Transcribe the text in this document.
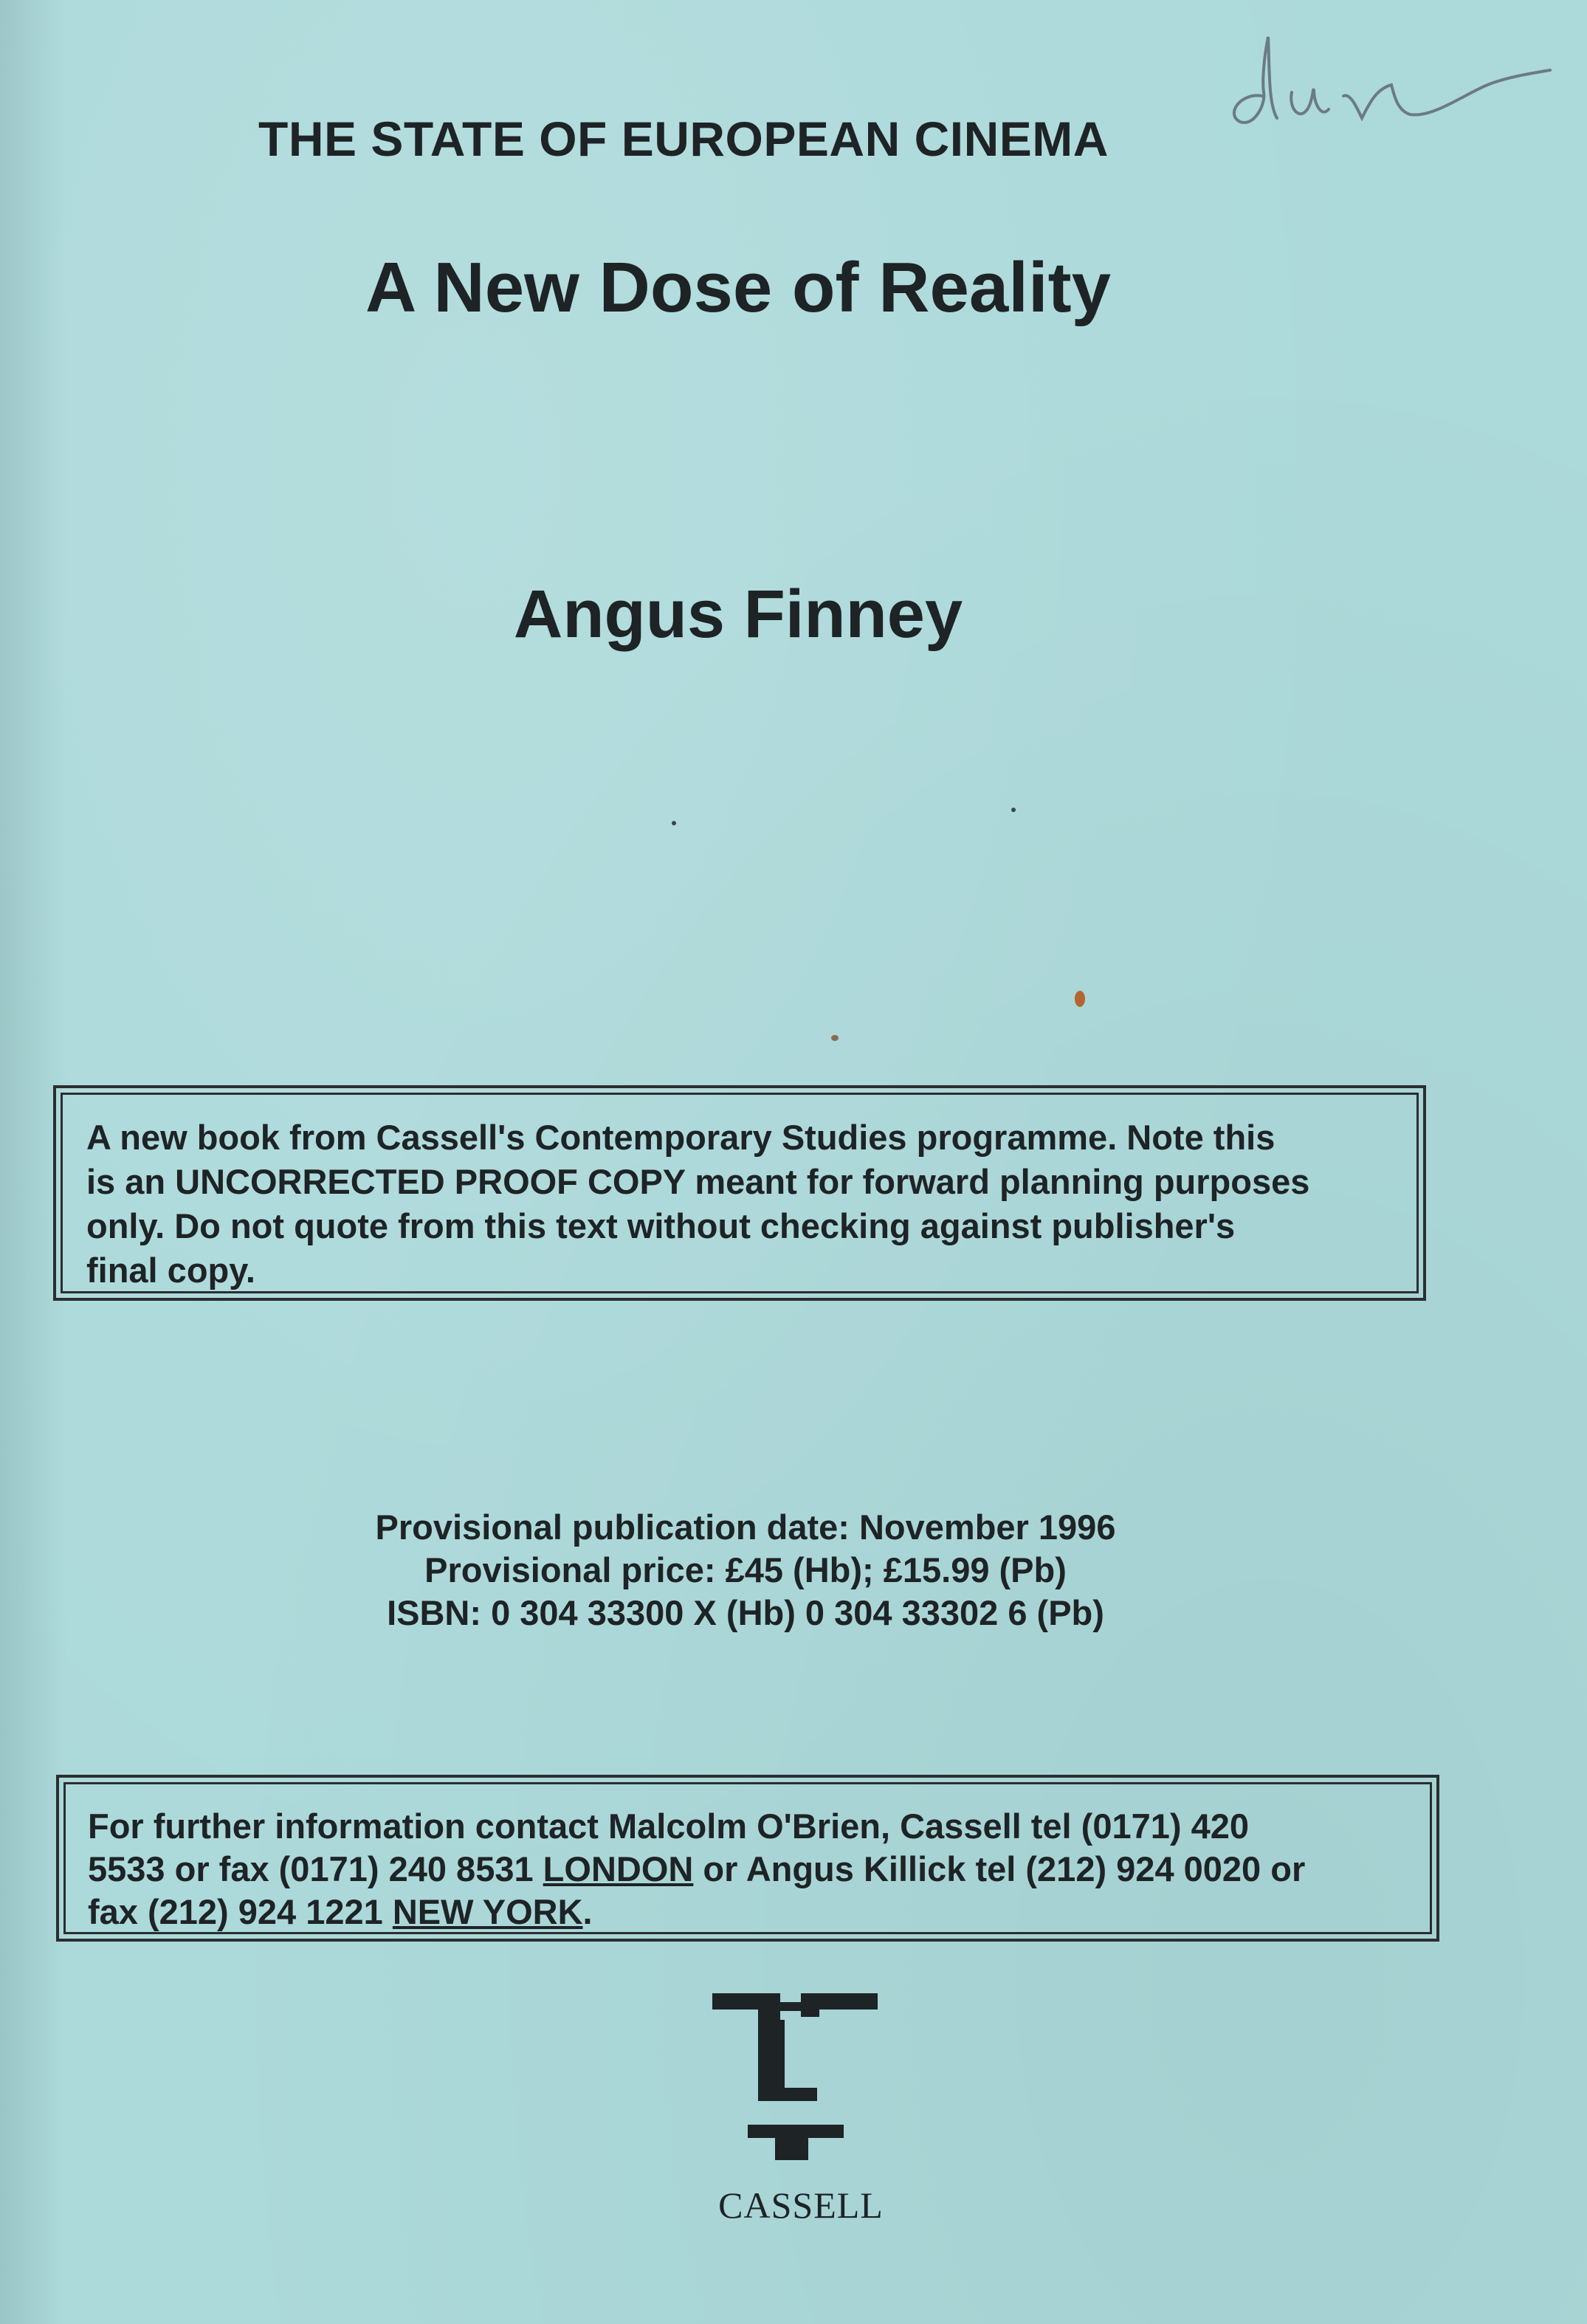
THE STATE OF EUROPEAN CINEMA
A New Dose of Reality
Angus Finney

A new book from Cassell's Contemporary Studies programme. Note this
is an UNCORRECTED PROOF COPY meant for forward planning purposes
only. Do not quote from this text without checking against publisher's
final copy.

Provisional publication date: November 1996
Provisional price: £45 (Hb); £15.99 (Pb)
ISBN: 0 304 33300 X (Hb) 0 304 33302 6 (Pb)

For further information contact Malcolm O'Brien, Cassell tel (0171) 420
5533 or fax (0171) 240 8531 LONDON or Angus Killick tel (212) 924 0020 or
fax (212) 924 1221 NEW YORK.

CASSELL
